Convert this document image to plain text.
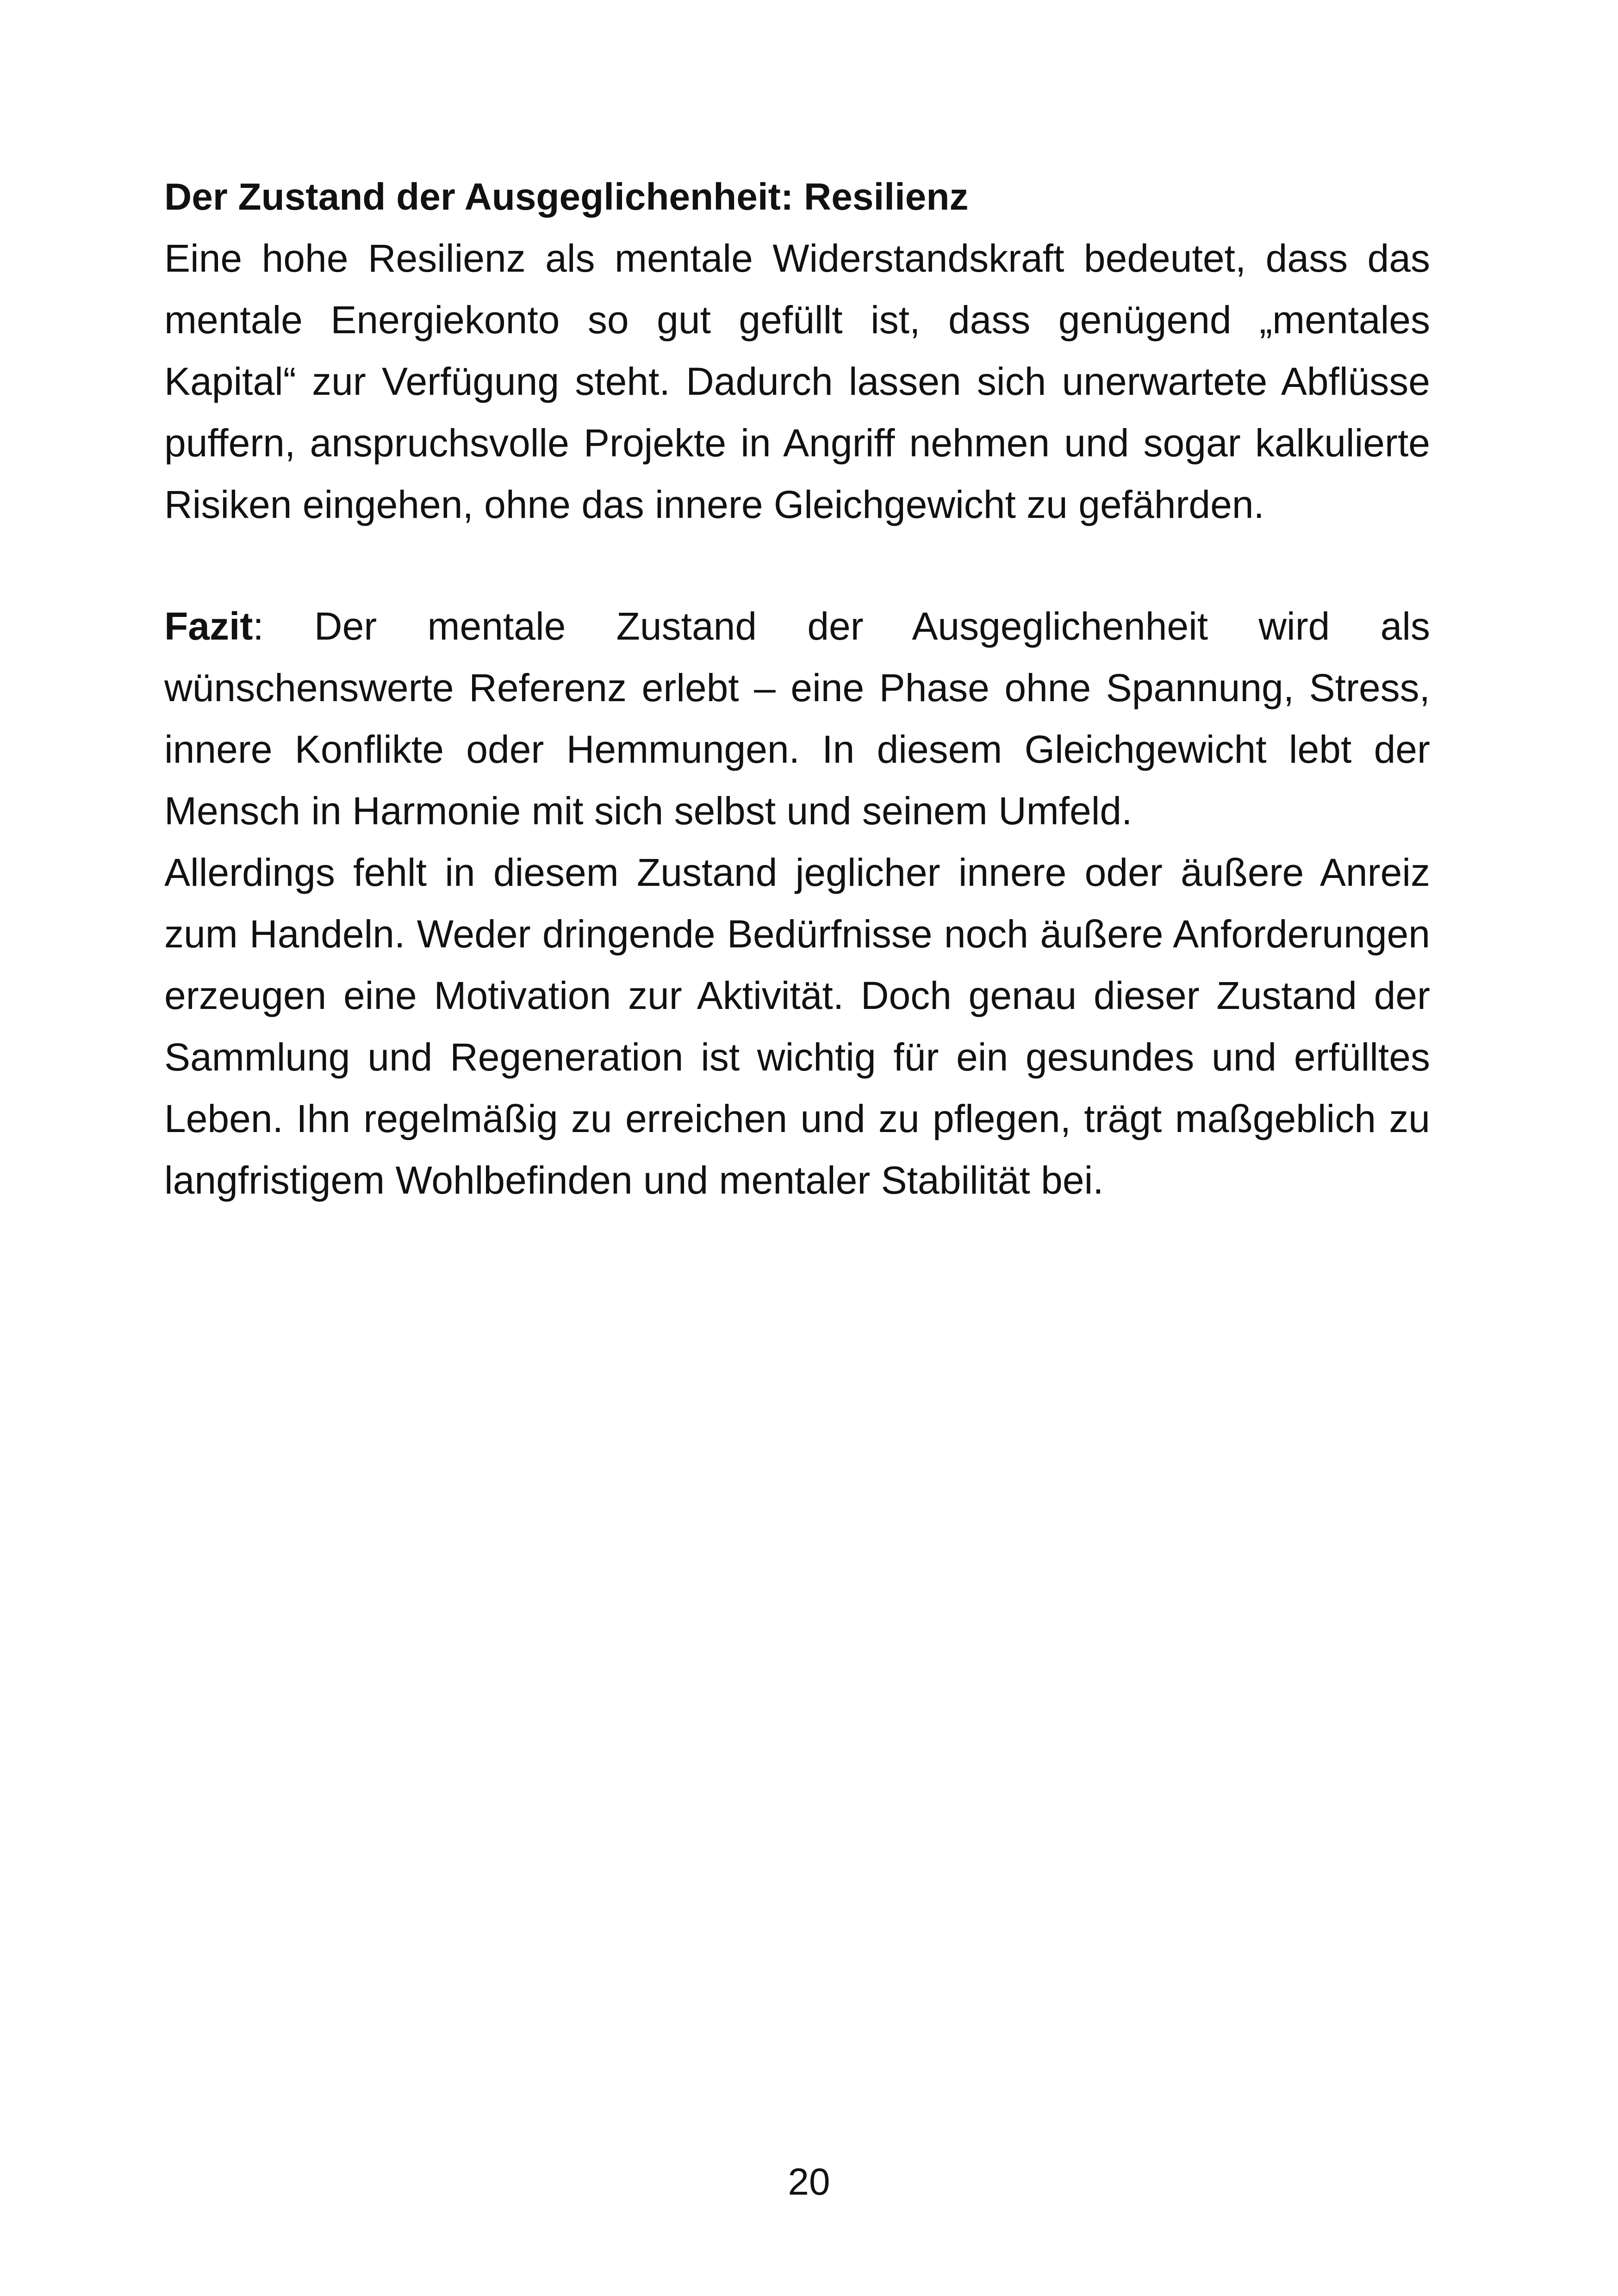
Der Zustand der Ausgeglichenheit: Resilienz

Eine hohe Resilienz als mentale Widerstandskraft bedeutet, dass das mentale Energiekonto so gut gefüllt ist, dass genügend „mentales Kapital“ zur Verfügung steht. Dadurch lassen sich unerwartete Abflüsse puffern, anspruchsvolle Projekte in Angriff nehmen und sogar kalkulierte Risiken eingehen, ohne das innere Gleichgewicht zu gefährden.

Fazit: Der mentale Zustand der Ausgeglichenheit wird als wünschenswerte Referenz erlebt – eine Phase ohne Spannung, Stress, innere Konflikte oder Hemmungen. In diesem Gleichgewicht lebt der Mensch in Harmonie mit sich selbst und seinem Umfeld.

Allerdings fehlt in diesem Zustand jeglicher innere oder äußere Anreiz zum Handeln. Weder dringende Bedürfnisse noch äußere Anforderungen erzeugen eine Motivation zur Aktivität. Doch genau dieser Zustand der Sammlung und Regeneration ist wichtig für ein gesundes und erfülltes Leben. Ihn regelmäßig zu erreichen und zu pflegen, trägt maßgeblich zu langfristigem Wohlbefinden und mentaler Stabilität bei.

20
